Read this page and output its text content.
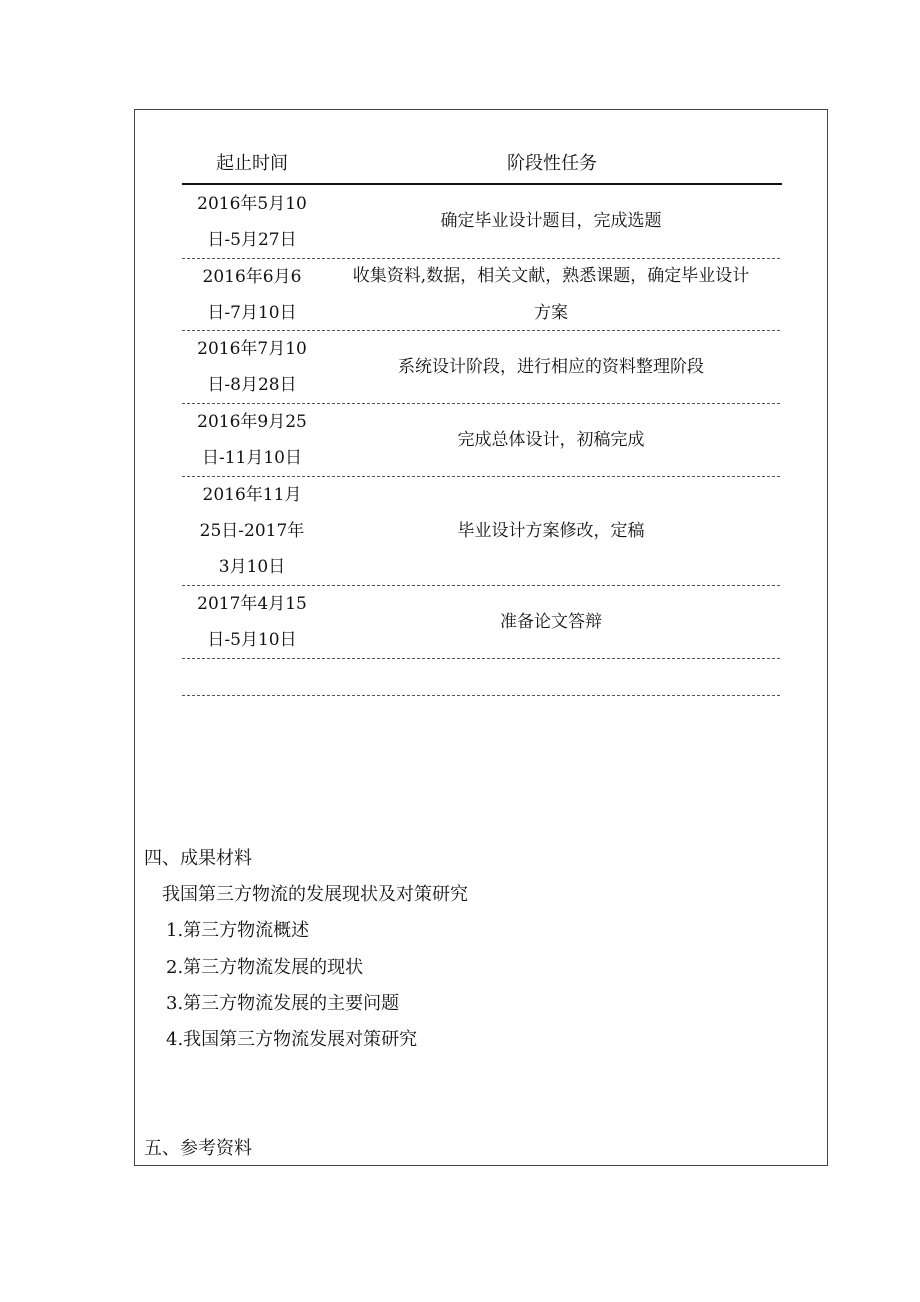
起止时间	阶段性任务
2016年5月10
日-5月27日
确定毕业设计题目，完成选题
2016年6月6
日-7月10日
收集资料,数据，相关文献，熟悉课题，确定毕业设计
方案
2016年7月10
日-8月28日
系统设计阶段，进行相应的资料整理阶段
2016年9月25
日-11月10日
完成总体设计，初稿完成
2016年11月
25日-2017年
3月10日
毕业设计方案修改，定稿
2017年4月15
日-5月10日
准备论文答辩
四、成果材料
我国第三方物流的发展现状及对策研究
1.第三方物流概述
2.第三方物流发展的现状
3.第三方物流发展的主要问题
4.我国第三方物流发展对策研究
五、参考资料
